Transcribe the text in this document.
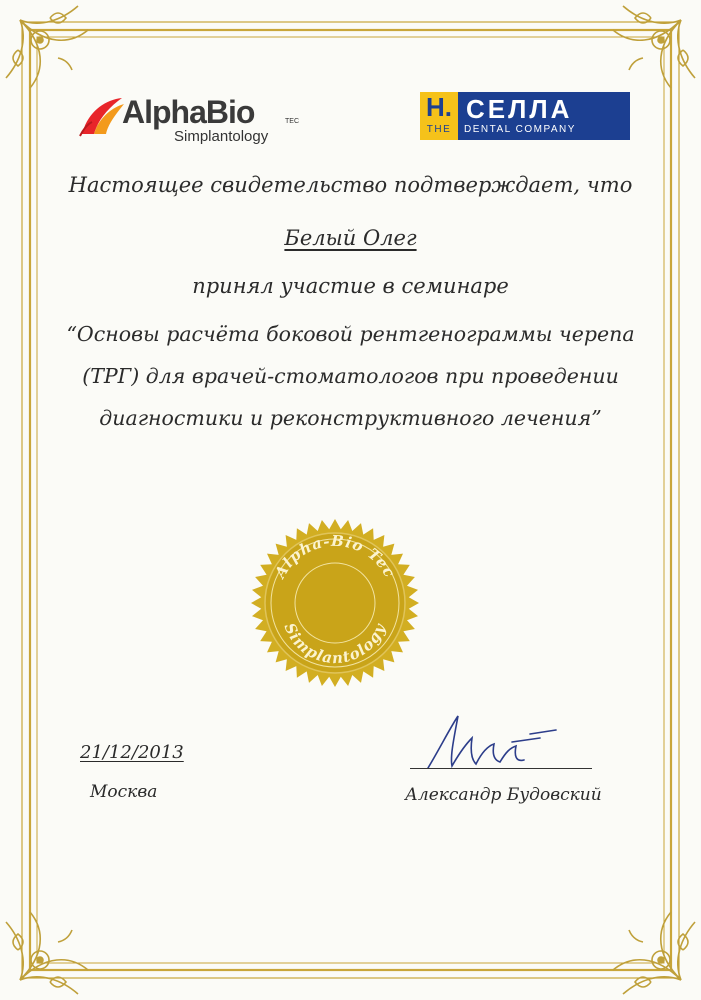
AlphaBio	TEC
Simplantology
H. СЕЛЛА
THE DENTAL COMPANY
Настоящее свидетельство подтверждает, что
Белый Олег
принял участие в семинаре
“Основы расчёта боковой рентгенограммы черепа
(ТРГ) для врачей-стоматологов при проведении
диагностики и реконструктивного лечения”
Alpha-Bio Tec
Simplantology
21/12/2013
Москва	Александр Будовский
